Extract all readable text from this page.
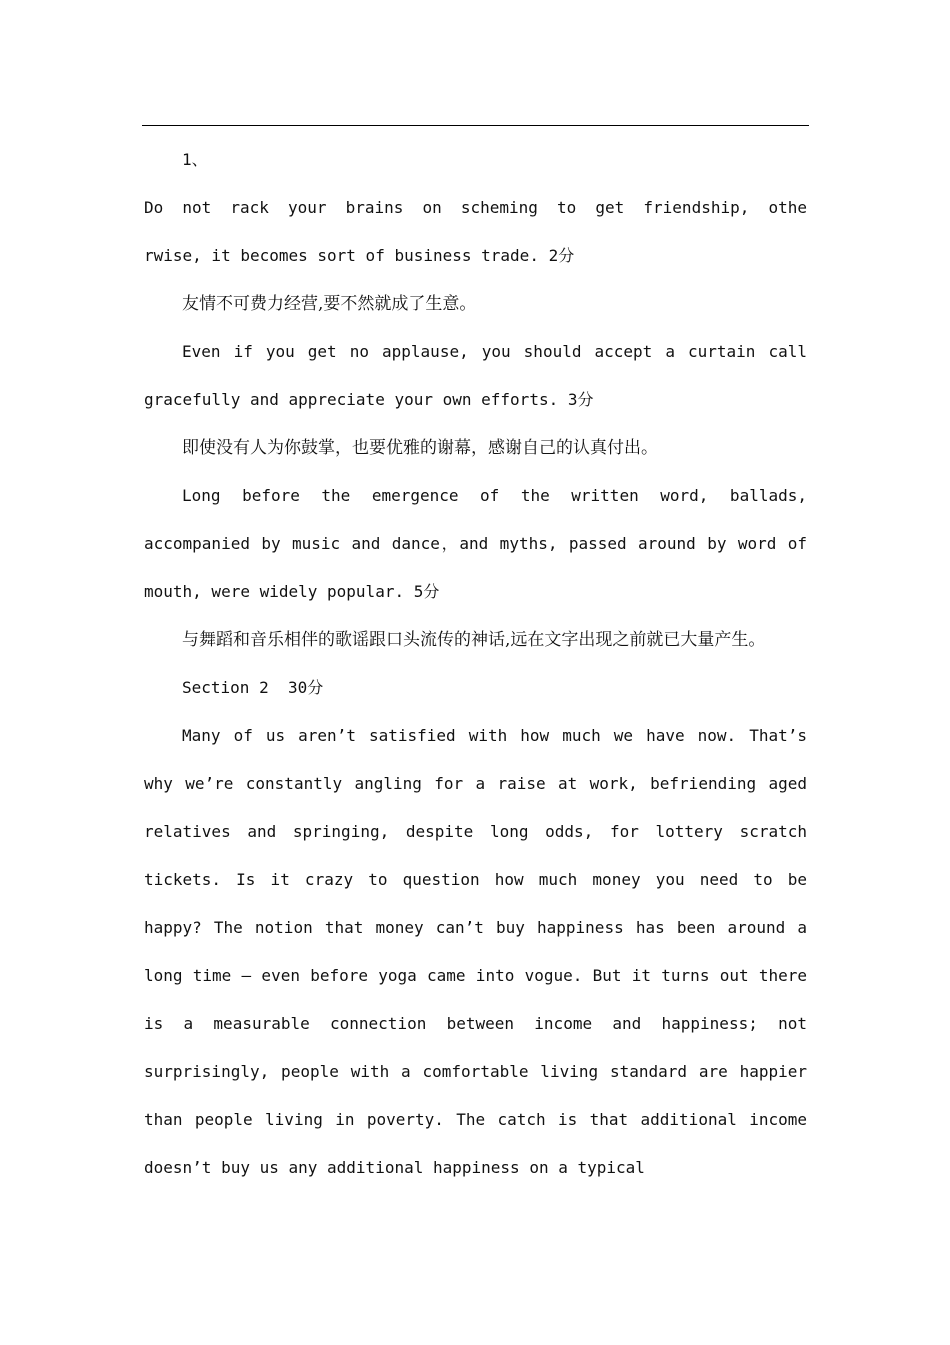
1、

Do not rack your brains on scheming to get friendship, othe

rwise, it becomes sort of business trade. 2分

友情不可费力经营,要不然就成了生意。

Even if you get no applause, you should accept a curtain call gracefully and appreciate your own efforts. 3分

即使没有人为你鼓掌，也要优雅的谢幕，感谢自己的认真付出。

Long before the emergence of the written word, ballads, accompanied by music and dance，and myths, passed around by word of mouth, were widely popular. 5分

与舞蹈和音乐相伴的歌谣跟口头流传的神话,远在文字出现之前就已大量产生。

Section 2  30分

Many of us aren’t satisfied with how much we have now. That’s why we’re constantly angling for a raise at work, befriending aged relatives and springing, despite long odds, for lottery scratch tickets. Is it crazy to question how much money you need to be happy? The notion that money can’t buy happiness has been around a long time — even before yoga came into vogue. But it turns out there is a measurable connection between income and happiness; not surprisingly, people with a comfortable living standard are happier than people living in poverty. The catch is that additional income doesn’t buy us any additional happiness on a typical
